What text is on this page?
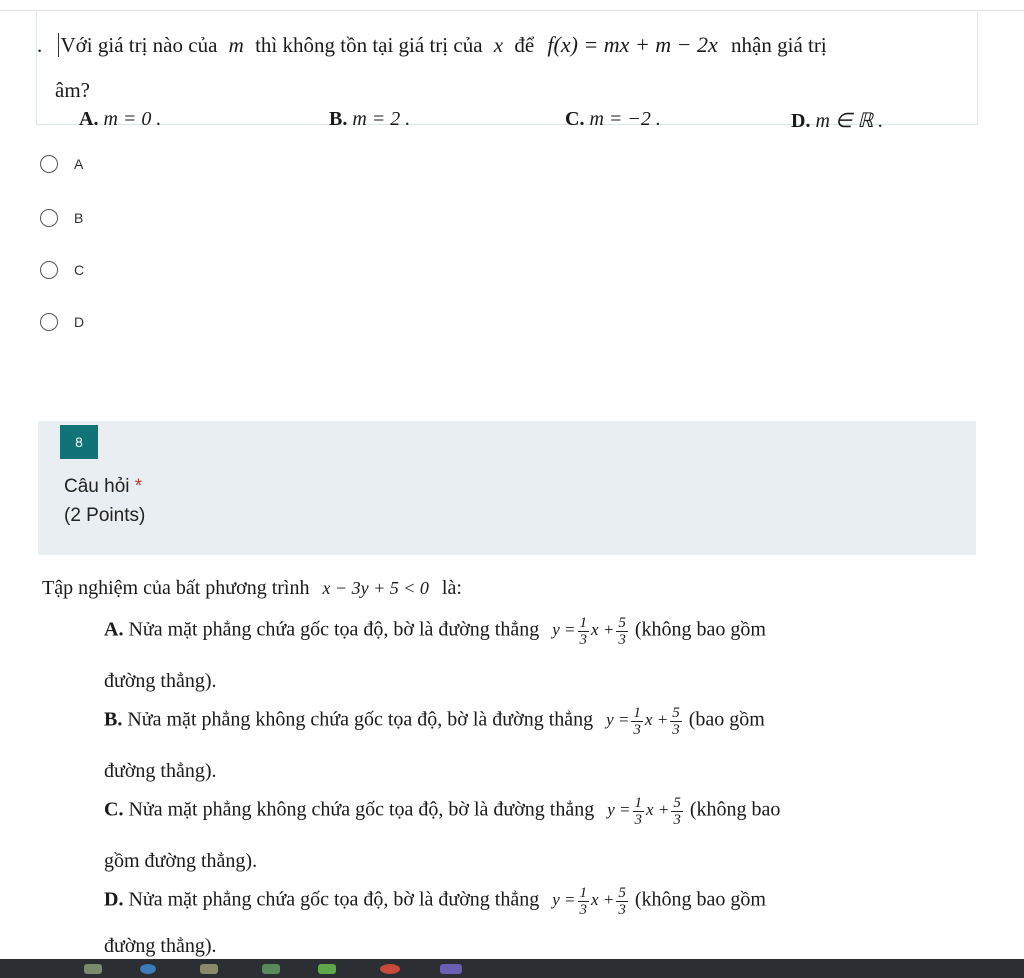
. Với giá trị nào của m thì không tồn tại giá trị của x để f(x) = mx + m − 2x nhận giá trị
âm?
A. m = 0 .	B. m = 2 .	C. m = −2 .	D. m ∈ ℝ .
A
B
C
D
8
Câu hỏi *
(2 Points)
Tập nghiệm của bất phương trình x − 3y + 5 < 0 là:
A. Nửa mặt phẳng chứa gốc tọa độ, bờ là đường thẳng $y = \frac{1}{3}$ $x + \frac{5}{3}$ (không bao gồm
đường thẳng).
B. Nửa mặt phẳng không chứa gốc tọa độ, bờ là đường thẳng $y = \frac{1}{3}$ $x + \frac{5}{3} (bao$ gồm
đường thẳng).
C. Nửa mặt phẳng không chứa gốc tọa độ, bờ là đường thẳng $y = \frac{1}{3}$ $x + \frac{5}{3}$ (không bao
gồm đường thẳng).
D. Nửa mặt phẳng chứa gốc tọa độ, bờ là đường thẳng $y = \frac{1}{3}$ $x + \frac{5}{3}$ (không bao gồm
đường thẳng).
